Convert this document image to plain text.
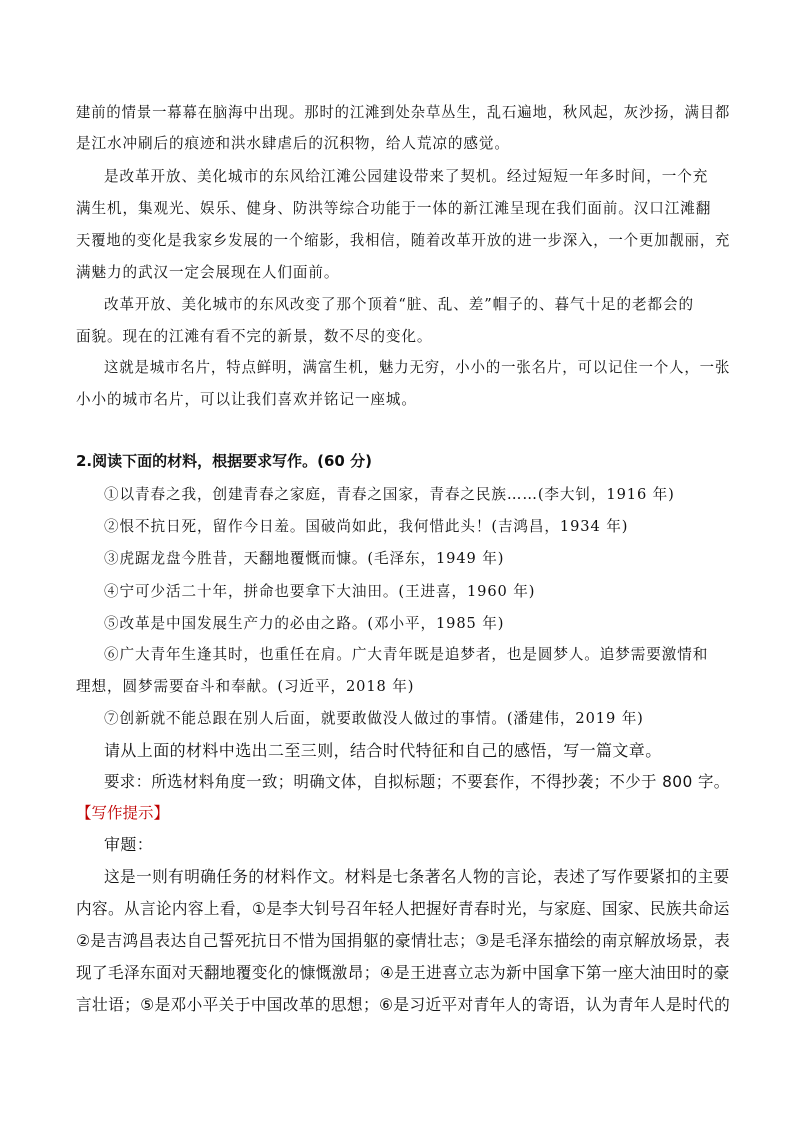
建前的情景一幕幕在脑海中出现。那时的江滩到处杂草丛生，乱石遍地，秋风起，灰沙扬，满目都

是江水冲刷后的痕迹和洪水肆虐后的沉积物，给人荒凉的感觉。

是改革开放、美化城市的东风给江滩公园建设带来了契机。经过短短一年多时间，一个充

满生机，集观光、娱乐、健身、防洪等综合功能于一体的新江滩呈现在我们面前。汉口江滩翻

天覆地的变化是我家乡发展的一个缩影，我相信，随着改革开放的进一步深入，一个更加靓丽，充

满魅力的武汉一定会展现在人们面前。

改革开放、美化城市的东风改变了那个顶着“脏、乱、差”帽子的、暮气十足的老都会的

面貌。现在的江滩有看不完的新景，数不尽的变化。

这就是城市名片，特点鲜明，满富生机，魅力无穷，小小的一张名片，可以记住一个人，一张

小小的城市名片，可以让我们喜欢并铭记一座城。

2.阅读下面的材料，根据要求写作。(60 分)

①以青春之我，创建青春之家庭，青春之国家，青春之民族……(李大钊，1916 年)

②恨不抗日死，留作今日羞。国破尚如此，我何惜此头！(吉鸿昌，1934 年)

③虎踞龙盘今胜昔，天翻地覆慨而慷。(毛泽东，1949 年)

④宁可少活二十年，拼命也要拿下大油田。(王进喜，1960 年)

⑤改革是中国发展生产力的必由之路。(邓小平，1985 年)

⑥广大青年生逢其时，也重任在肩。广大青年既是追梦者，也是圆梦人。追梦需要激情和

理想，圆梦需要奋斗和奉献。(习近平，2018 年)

⑦创新就不能总跟在别人后面，就要敢做没人做过的事情。(潘建伟，2019 年)

请从上面的材料中选出二至三则，结合时代特征和自己的感悟，写一篇文章。

要求：所选材料角度一致；明确文体，自拟标题；不要套作，不得抄袭；不少于 800 字。

【写作提示】

审题：

这是一则有明确任务的材料作文。材料是七条著名人物的言论，表述了写作要紧扣的主要

内容。从言论内容上看，①是李大钊号召年轻人把握好青春时光，与家庭、国家、民族共命运

②是吉鸿昌表达自己誓死抗日不惜为国捐躯的豪情壮志；③是毛泽东描绘的南京解放场景，表

现了毛泽东面对天翻地覆变化的慷慨激昂；④是王进喜立志为新中国拿下第一座大油田时的豪

言壮语；⑤是邓小平关于中国改革的思想；⑥是习近平对青年人的寄语，认为青年人是时代的
